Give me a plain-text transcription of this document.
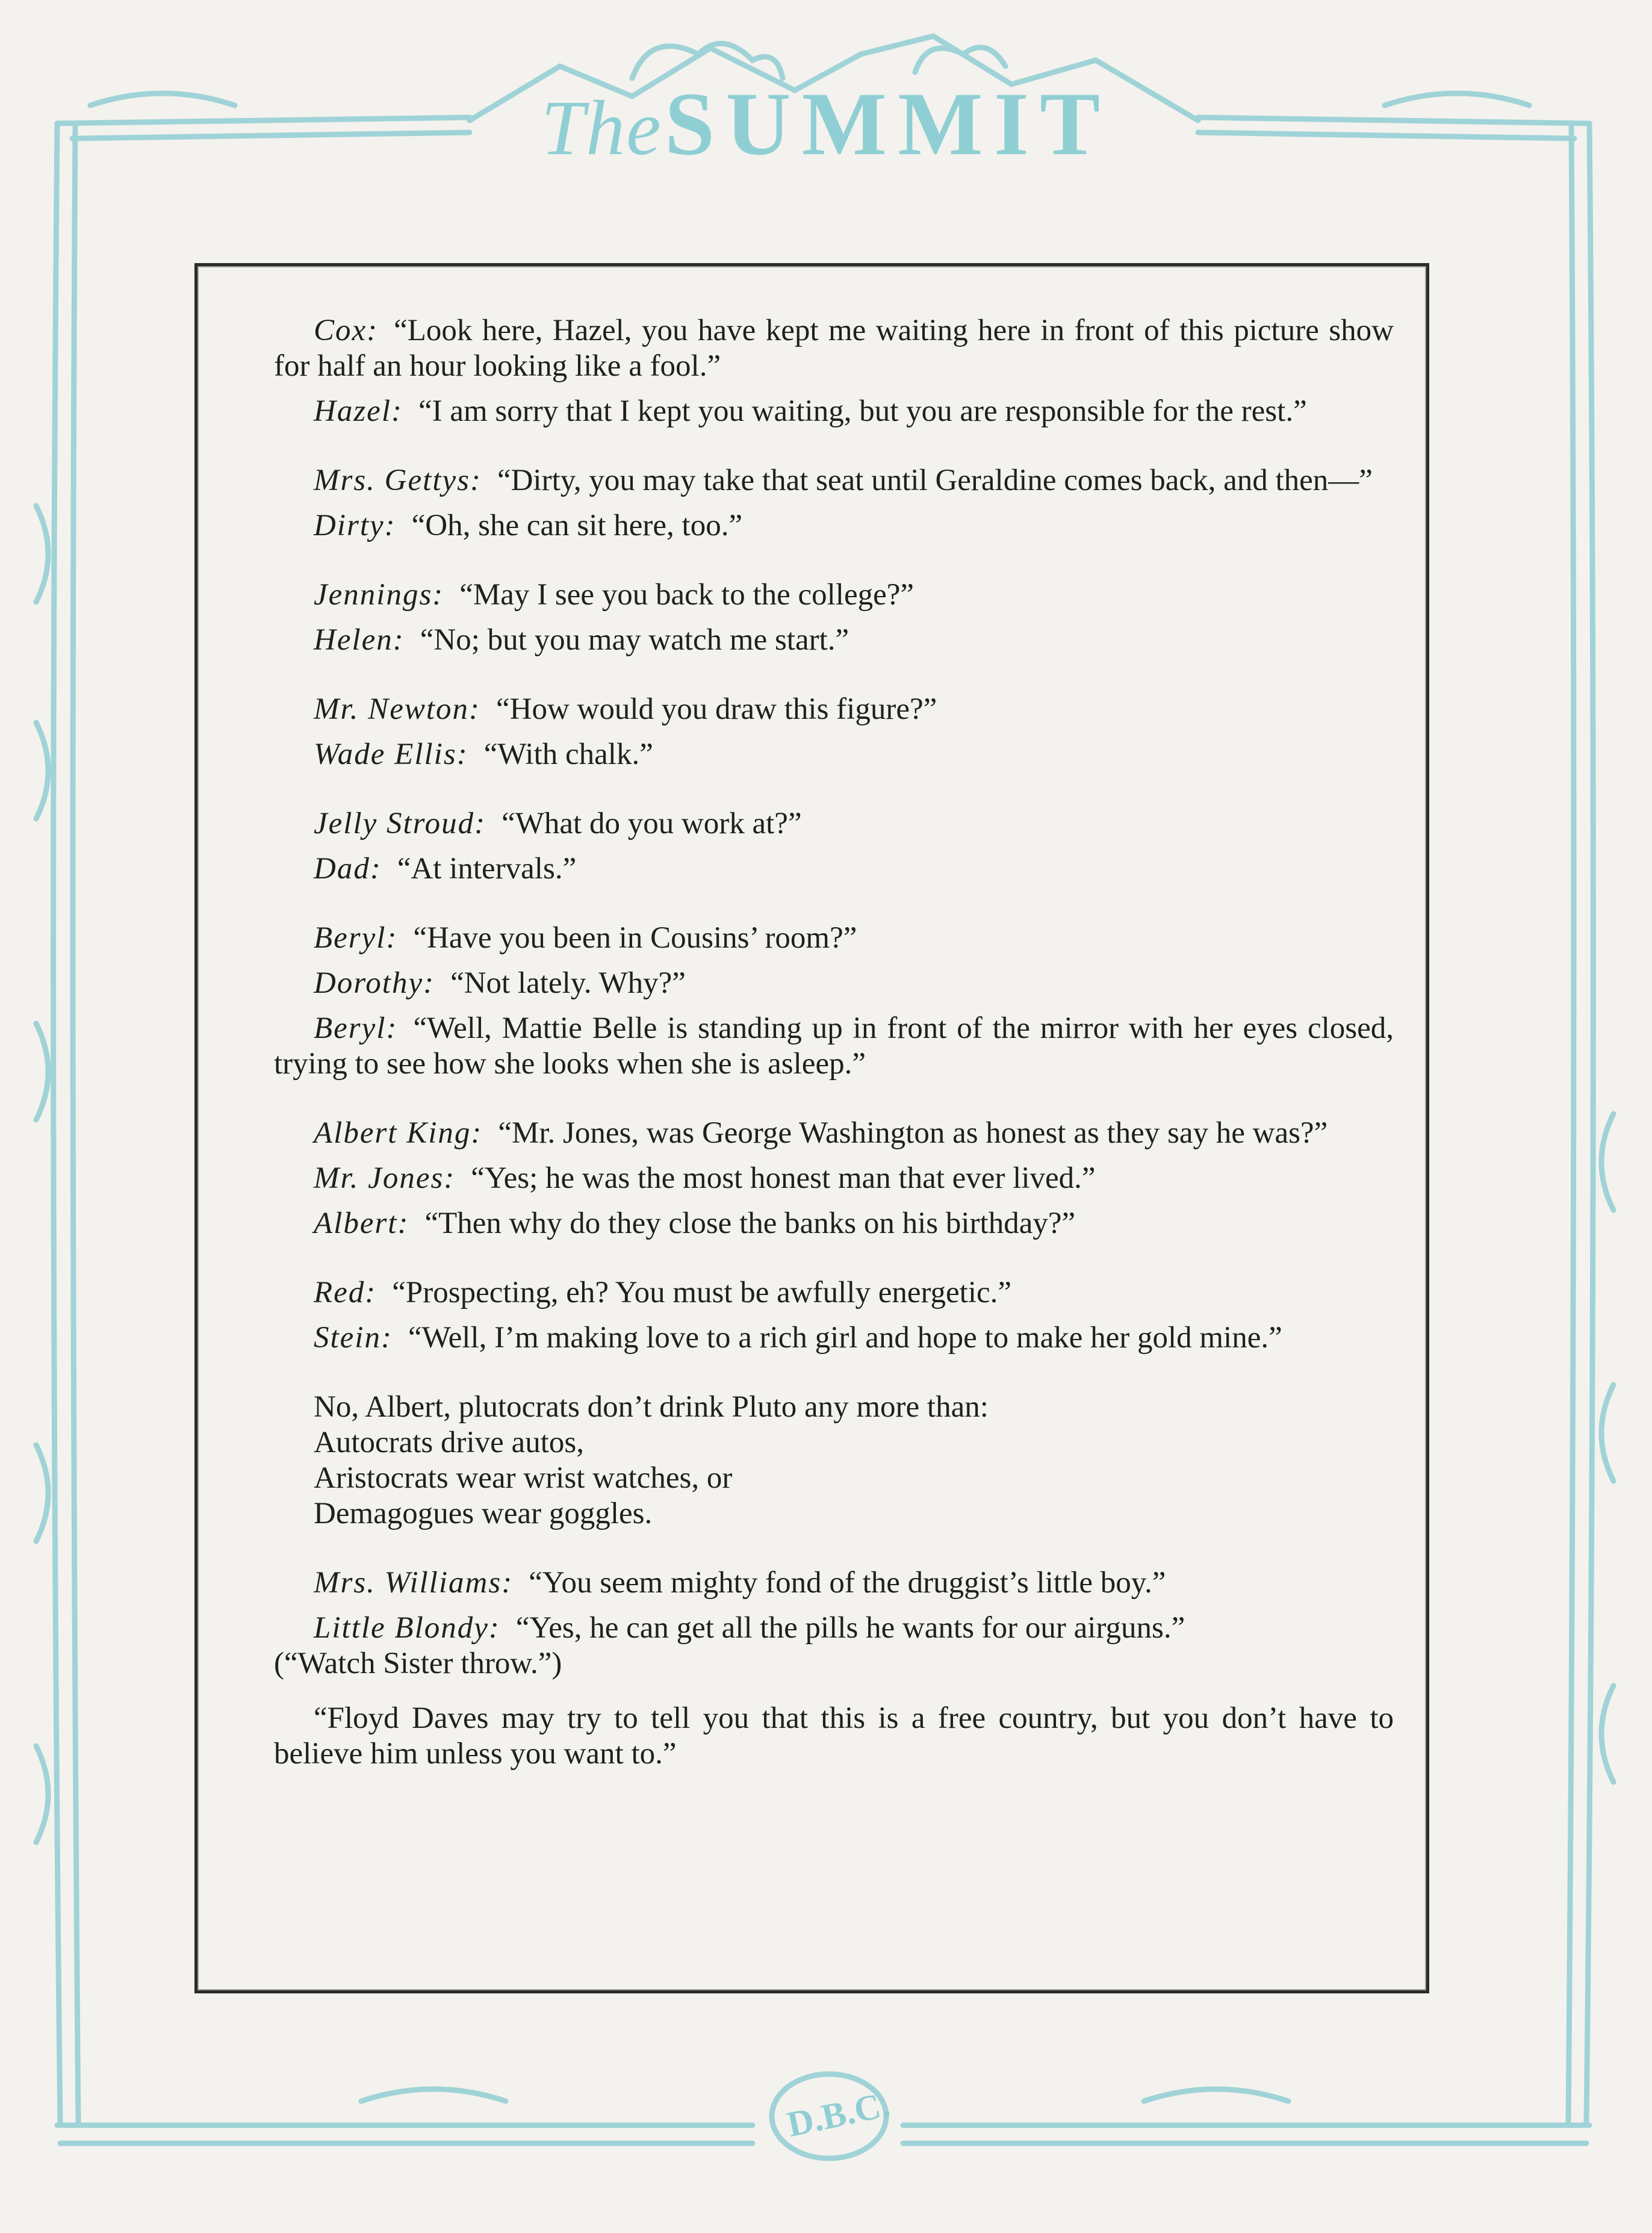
The SUMMIT
D.B.C.
Cox: “Look here, Hazel, you have kept me waiting here in front of this picture show for half an hour looking like a fool.”
Hazel: “I am sorry that I kept you waiting, but you are responsible for the rest.”
Mrs. Gettys: “Dirty, you may take that seat until Geraldine comes back, and then—”
Dirty: “Oh, she can sit here, too.”
Jennings: “May I see you back to the college?”
Helen: “No; but you may watch me start.”
Mr. Newton: “How would you draw this figure?”
Wade Ellis: “With chalk.”
Jelly Stroud: “What do you work at?”
Dad: “At intervals.”
Beryl: “Have you been in Cousins’ room?”
Dorothy: “Not lately. Why?”
Beryl: “Well, Mattie Belle is standing up in front of the mirror with her eyes closed, trying to see how she looks when she is asleep.”
Albert King: “Mr. Jones, was George Washington as honest as they say he was?”
Mr. Jones: “Yes; he was the most honest man that ever lived.”
Albert: “Then why do they close the banks on his birthday?”
Red: “Prospecting, eh? You must be awfully energetic.”
Stein: “Well, I’m making love to a rich girl and hope to make her gold mine.”
No, Albert, plutocrats don’t drink Pluto any more than:
Autocrats drive autos,
Aristocrats wear wrist watches, or
Demagogues wear goggles.
Mrs. Williams: “You seem mighty fond of the druggist’s little boy.”
Little Blondy: “Yes, he can get all the pills he wants for our airguns.”
(“Watch Sister throw.”)
“Floyd Daves may try to tell you that this is a free country, but you don’t have to believe him unless you want to.”
